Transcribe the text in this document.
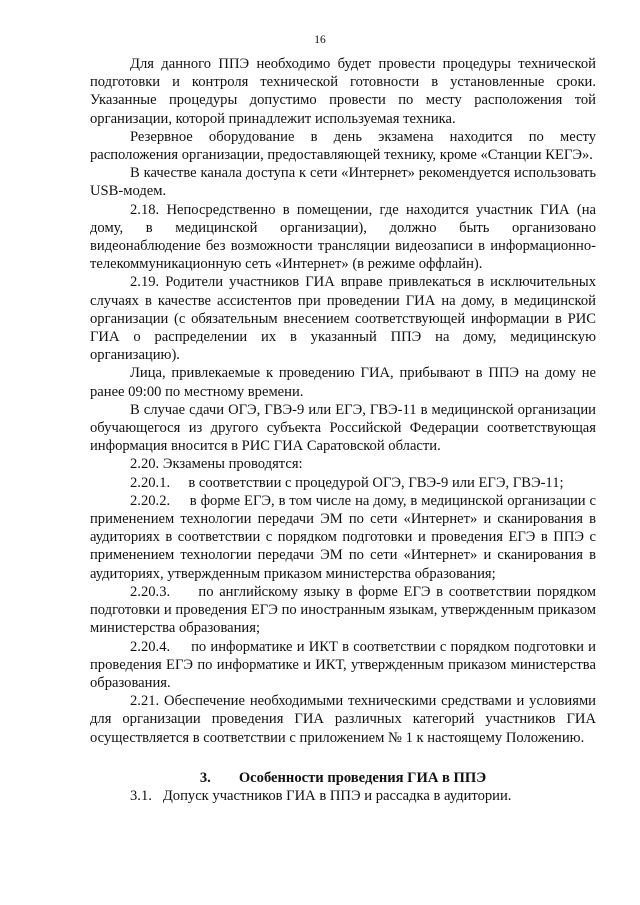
16

Для данного ППЭ необходимо будет провести процедуры технической подготовки и контроля технической готовности в установленные сроки. Указанные процедуры допустимо провести по месту расположения той организации, которой принадлежит используемая техника.

Резервное оборудование в день экзамена находится по месту расположения организации, предоставляющей технику, кроме «Станции КЕГЭ».

В качестве канала доступа к сети «Интернет» рекомендуется использовать USB-модем.

2.18. Непосредственно в помещении, где находится участник ГИА (на дому, в медицинской организации), должно быть организовано видеонаблюдение без возможности трансляции видеозаписи в информационно-телекоммуникационную сеть «Интернет» (в режиме оффлайн).

2.19. Родители участников ГИА вправе привлекаться в исключительных случаях в качестве ассистентов при проведении ГИА на дому, в медицинской организации (с обязательным внесением соответствующей информации в РИС ГИА о распределении их в указанный ППЭ на дому, медицинскую организацию).

Лица, привлекаемые к проведению ГИА, прибывают в ППЭ на дому не ранее 09:00 по местному времени.

В случае сдачи ОГЭ, ГВЭ-9 или ЕГЭ, ГВЭ-11 в медицинской организации обучающегося из другого субъекта Российской Федерации соответствующая информация вносится в РИС ГИА Саратовской области.

2.20. Экзамены проводятся:

2.20.1.     в соответствии с процедурой ОГЭ, ГВЭ-9 или ЕГЭ, ГВЭ-11;

2.20.2.     в форме ЕГЭ, в том числе на дому, в медицинской организации с применением технологии передачи ЭМ по сети «Интернет» и сканирования в аудиториях в соответствии с порядком подготовки и проведения ЕГЭ в ППЭ с применением технологии передачи ЭМ по сети «Интернет» и сканирования в аудиториях, утвержденным приказом министерства образования;

2.20.3.     по английскому языку в форме ЕГЭ в соответствии порядком подготовки и проведения ЕГЭ по иностранным языкам, утвержденным приказом министерства образования;

2.20.4.     по информатике и ИКТ в соответствии с порядком подготовки и проведения ЕГЭ по информатике и ИКТ, утвержденным приказом министерства образования.

2.21. Обеспечение необходимыми техническими средствами и условиями для организации проведения ГИА различных категорий участников ГИА осуществляется в соответствии с приложением № 1 к настоящему Положению.

3. Особенности проведения ГИА в ППЭ

3.1.   Допуск участников ГИА в ППЭ и рассадка в аудитории.
